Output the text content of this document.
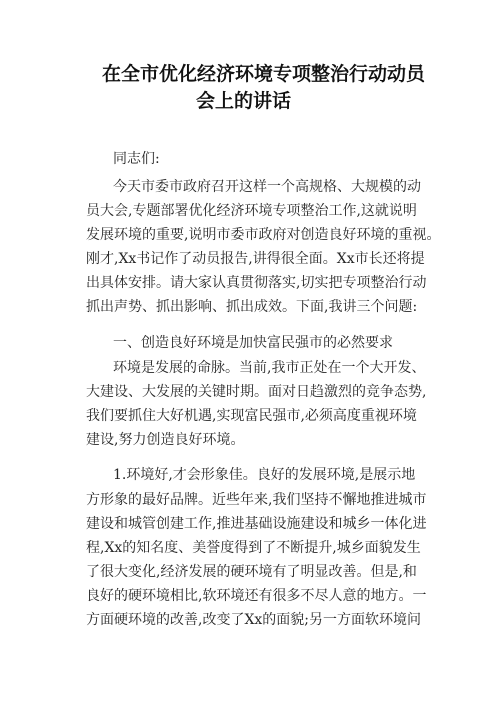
在全市优化经济环境专项整治行动动员
会上的讲话
同志们:
今天市委市政府召开这样一个高规格、大规模的动
员大会,专题部署优化经济环境专项整治工作,这就说明
发展环境的重要,说明市委市政府对创造良好环境的重视。
刚才,Xx书记作了动员报告,讲得很全面。Xx市长还将提
出具体安排。请大家认真贯彻落实,切实把专项整治行动
抓出声势、抓出影响、抓出成效。下面,我讲三个问题:
一、创造良好环境是加快富民强市的必然要求
环境是发展的命脉。当前,我市正处在一个大开发、
大建设、大发展的关键时期。面对日趋激烈的竞争态势,
我们要抓住大好机遇,实现富民强市,必须高度重视环境
建设,努力创造良好环境。
1.环境好,才会形象佳。良好的发展环境,是展示地
方形象的最好品牌。近些年来,我们坚持不懈地推进城市
建设和城管创建工作,推进基础设施建设和城乡一体化进
程,Xx的知名度、美誉度得到了不断提升,城乡面貌发生
了很大变化,经济发展的硬环境有了明显改善。但是,和
良好的硬环境相比,软环境还有很多不尽人意的地方。一
方面硬环境的改善,改变了Xx的面貌;另一方面软环境问
